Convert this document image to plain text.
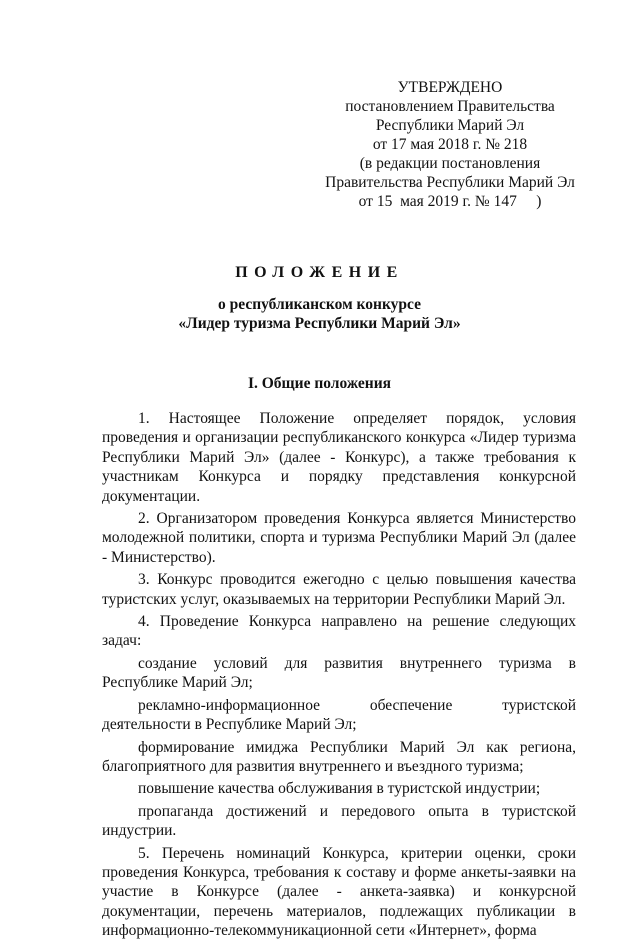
УТВЕРЖДЕНО
постановлением Правительства
Республики Марий Эл
от 17 мая 2018 г. № 218
(в редакции постановления
Правительства Республики Марий Эл
от 15  мая 2019 г. № 147     )
ПОЛОЖЕНИЕ
о республиканском конкурсе
«Лидер туризма Республики Марий Эл»
I. Общие положения

1. Настоящее Положение определяет порядок, условия проведения и организации республиканского конкурса «Лидер туризма Республики Марий Эл» (далее - Конкурс), а также требования к участникам Конкурса и порядку представления конкурсной документации.

2. Организатором проведения Конкурса является Министерство молодежной политики, спорта и туризма Республики Марий Эл (далее - Министерство).

3. Конкурс проводится ежегодно с целью повышения качества туристских услуг, оказываемых на территории Республики Марий Эл.

4. Проведение Конкурса направлено на решение следующих задач:

создание условий для развития внутреннего туризма в Республике Марий Эл;

рекламно-информационное обеспечение туристской деятельности в Республике Марий Эл;

формирование имиджа Республики Марий Эл как региона, благоприятного для развития внутреннего и въездного туризма;

повышение качества обслуживания в туристской индустрии;

пропаганда достижений и передового опыта в туристской индустрии.

5. Перечень номинаций Конкурса, критерии оценки, сроки проведения Конкурса, требования к составу и форме анкеты-заявки на участие в Конкурсе (далее - анкета-заявка) и конкурсной документации, перечень материалов, подлежащих публикации в информационно-телекоммуникационной сети «Интернет», форма
